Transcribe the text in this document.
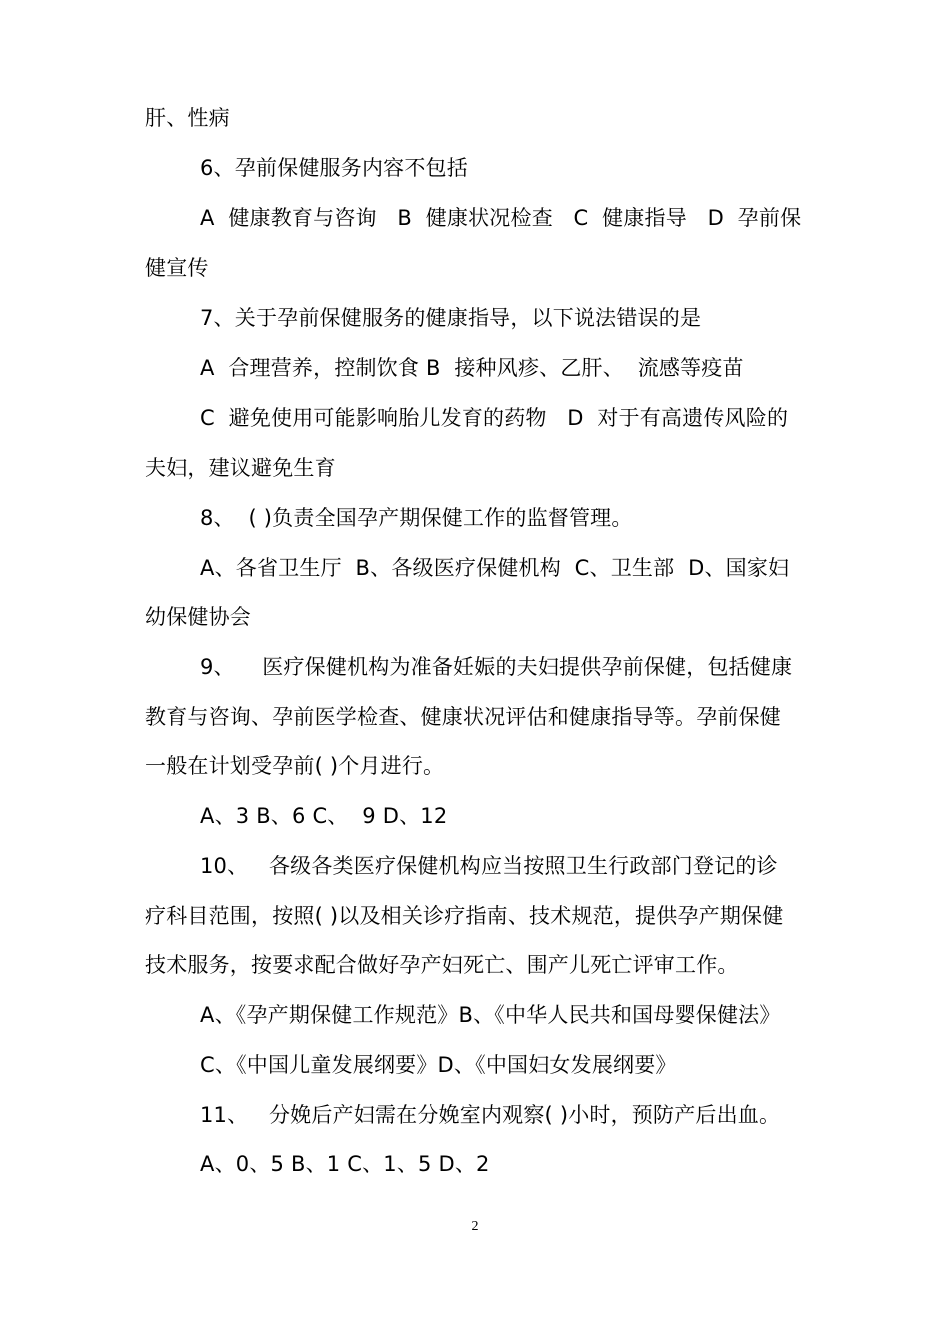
肝、性病
6、孕前保健服务内容不包括
A  健康教育与咨询   B  健康状况检查   C  健康指导   D  孕前保
健宣传
7、关于孕前保健服务的健康指导，以下说法错误的是
A  合理营养，控制饮食 B  接种风疹、乙肝、  流感等疫苗
C  避免使用可能影响胎儿发育的药物   D  对于有高遗传风险的
夫妇，建议避免生育
8、  ( )负责全国孕产期保健工作的监督管理。
A、各省卫生厅  B、各级医疗保健机构  C、卫生部  D、国家妇
幼保健协会
9、    医疗保健机构为准备妊娠的夫妇提供孕前保健，包括健康
教育与咨询、孕前医学检查、健康状况评估和健康指导等。孕前保健
一般在计划受孕前( )个月进行。
A、3 B、6 C、  9 D、12
10、   各级各类医疗保健机构应当按照卫生行政部门登记的诊
疗科目范围，按照( )以及相关诊疗指南、技术规范，提供孕产期保健
技术服务，按要求配合做好孕产妇死亡、围产儿死亡评审工作。
A、《孕产期保健工作规范》B、《中华人民共和国母婴保健法》
C、《中国儿童发展纲要》D、《中国妇女发展纲要》
11、   分娩后产妇需在分娩室内观察( )小时，预防产后出血。
A、0、5 B、1 C、1、5 D、2
2
